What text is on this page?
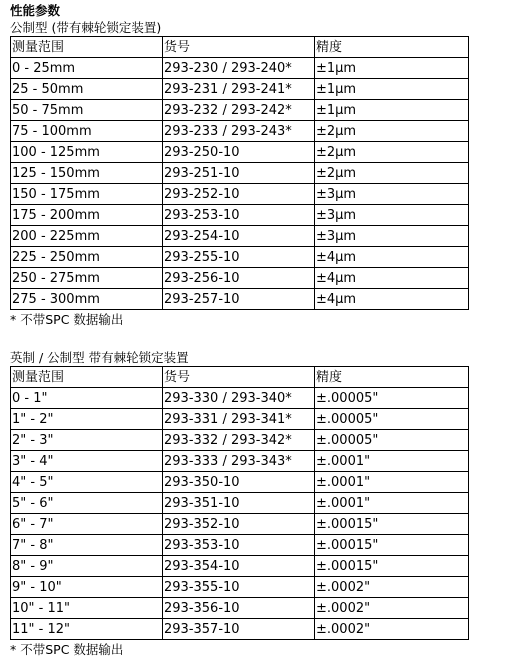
性能参数
公制型 (带有棘轮锁定装置)
测量范围	货号	精度
0 - 25mm	293-230 / 293-240*	±1μm
25 - 50mm	293-231 / 293-241*	±1μm
50 - 75mm	293-232 / 293-242*	±1μm
75 - 100mm	293-233 / 293-243*	±2μm
100 - 125mm	293-250-10	±2μm
125 - 150mm	293-251-10	±2μm
150 - 175mm	293-252-10	±3μm
175 - 200mm	293-253-10	±3μm
200 - 225mm	293-254-10	±3μm
225 - 250mm	293-255-10	±4μm
250 - 275mm	293-256-10	±4μm
275 - 300mm	293-257-10	±4μm
* 不带SPC 数据输出
英制 / 公制型 带有棘轮锁定装置
测量范围	货号	精度
0 - 1"	293-330 / 293-340*	±.00005"
1" - 2"	293-331 / 293-341*	±.00005"
2" - 3"	293-332 / 293-342*	±.00005"
3" - 4"	293-333 / 293-343*	±.0001"
4" - 5"	293-350-10	±.0001"
5" - 6"	293-351-10	±.0001"
6" - 7"	293-352-10	±.00015"
7" - 8"	293-353-10	±.00015"
8" - 9"	293-354-10	±.00015"
9" - 10"	293-355-10	±.0002"
10" - 11"	293-356-10	±.0002"
11" - 12"	293-357-10	±.0002"
* 不带SPC 数据输出
